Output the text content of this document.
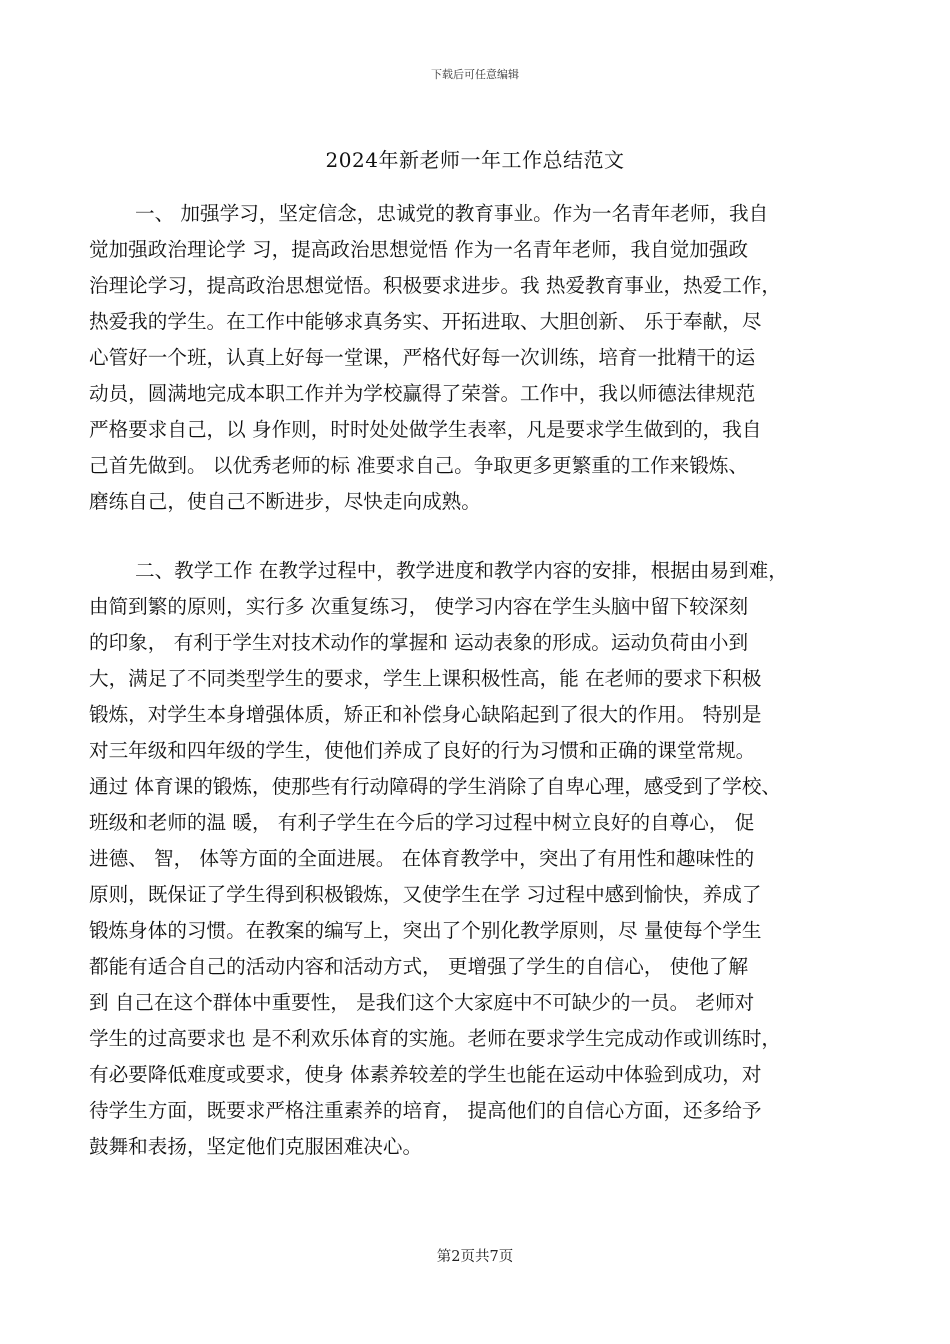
下载后可任意编辑
2024年新老师一年工作总结范文
一、 加强学习，坚定信念，忠诚党的教育事业。作为一名青年老师，我自
觉加强政治理论学 习，提高政治思想觉悟 作为一名青年老师，我自觉加强政
治理论学习，提高政治思想觉悟。积极要求进步。我 热爱教育事业，热爱工作，
热爱我的学生。在工作中能够求真务实、开拓进取、大胆创新、 乐于奉献，尽
心管好一个班，认真上好每一堂课，严格代好每一次训练，培育一批精干的运
动员，圆满地完成本职工作并为学校赢得了荣誉。工作中，我以师德法律规范
严格要求自己，以 身作则，时时处处做学生表率，凡是要求学生做到的，我自
己首先做到。 以优秀老师的标 准要求自己。争取更多更繁重的工作来锻炼、
磨练自己，使自己不断进步，尽快走向成熟。
二、教学工作 在教学过程中，教学进度和教学内容的安排，根据由易到难，
由简到繁的原则，实行多 次重复练习， 使学习内容在学生头脑中留下较深刻
的印象， 有利于学生对技术动作的掌握和 运动表象的形成。运动负荷由小到
大，满足了不同类型学生的要求，学生上课积极性高，能 在老师的要求下积极
锻炼，对学生本身增强体质，矫正和补偿身心缺陷起到了很大的作用。 特别是
对三年级和四年级的学生，使他们养成了良好的行为习惯和正确的课堂常规。
通过 体育课的锻炼，使那些有行动障碍的学生消除了自卑心理，感受到了学校、
班级和老师的温 暖， 有利子学生在今后的学习过程中树立良好的自尊心， 促
进德、 智， 体等方面的全面进展。 在体育教学中，突出了有用性和趣味性的
原则，既保证了学生得到积极锻炼，又使学生在学 习过程中感到愉快，养成了
锻炼身体的习惯。在教案的编写上，突出了个别化教学原则，尽 量使每个学生
都能有适合自己的活动内容和活动方式， 更增强了学生的自信心， 使他了解
到 自己在这个群体中重要性， 是我们这个大家庭中不可缺少的一员。 老师对
学生的过高要求也 是不利欢乐体育的实施。老师在要求学生完成动作或训练时，
有必要降低难度或要求，使身 体素养较差的学生也能在运动中体验到成功，对
待学生方面，既要求严格注重素养的培育， 提高他们的自信心方面，还多给予
鼓舞和表扬，坚定他们克服困难决心。
第2页共7页
